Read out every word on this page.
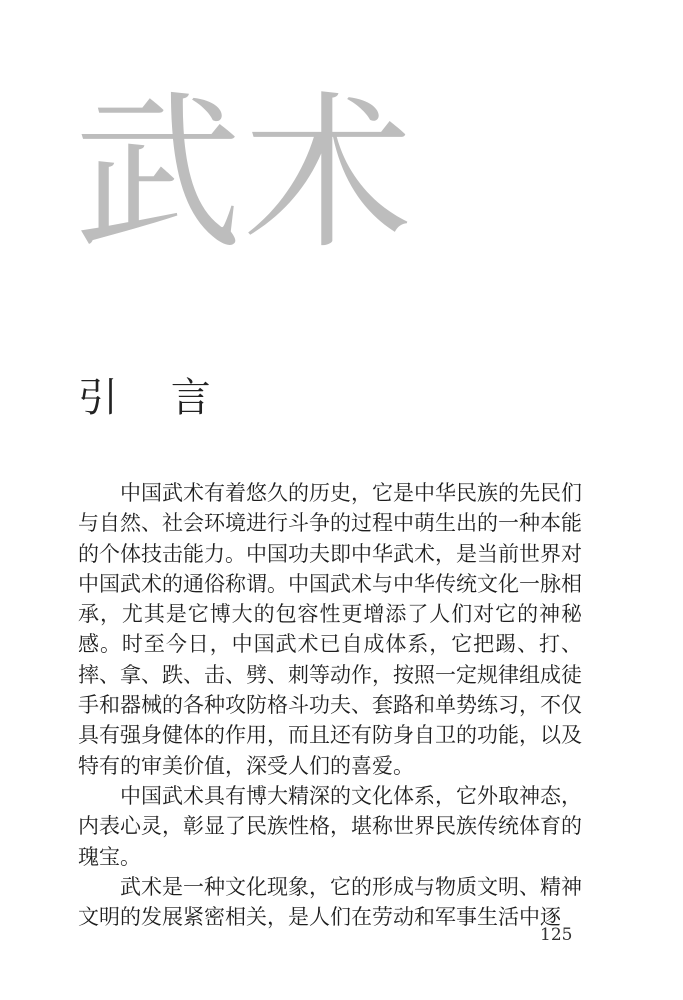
武术
引 言

中国武术有着悠久的历史，它是中华民族的先民们与自然、社会环境进行斗争的过程中萌生出的一种本能的个体技击能力。中国功夫即中华武术，是当前世界对中国武术的通俗称谓。中国武术与中华传统文化一脉相承，尤其是它博大的包容性更增添了人们对它的神秘感。时至今日，中国武术已自成体系，它把踢、打、摔、拿、跌、击、劈、刺等动作，按照一定规律组成徒手和器械的各种攻防格斗功夫、套路和单势练习，不仅具有强身健体的作用，而且还有防身自卫的功能，以及特有的审美价值，深受人们的喜爱。

中国武术具有博大精深的文化体系，它外取神态，内表心灵，彰显了民族性格，堪称世界民族传统体育的瑰宝。

武术是一种文化现象，它的形成与物质文明、精神文明的发展紧密相关，是人们在劳动和军事生活中逐

125
